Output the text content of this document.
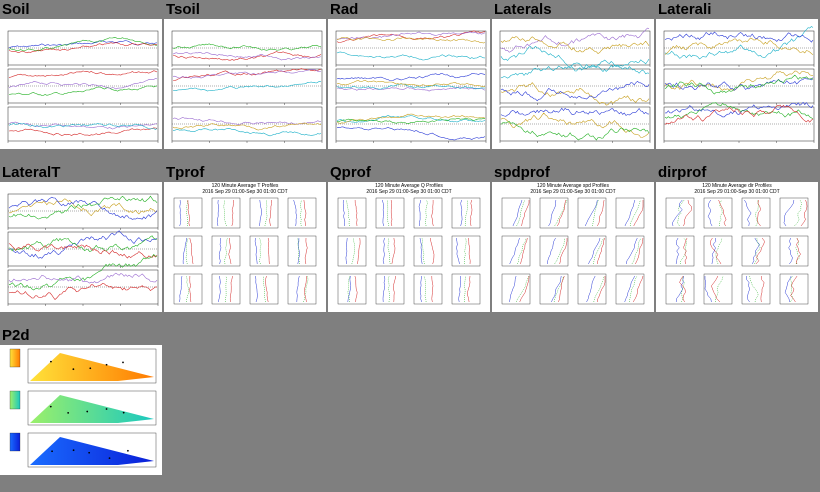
Soil	Tsoil	Rad	Laterals	Laterali
LateralT	Tprof
120 Minute Average T Profiles
2016 Sep 29 01:00-Sep 30 01:00 CDT
Qprof
120 Minute Average Q Profiles
2016 Sep 29 01:00-Sep 30 01:00 CDT
spdprof
120 Minute Average spd Profiles
2016 Sep 29 01:00-Sep 30 01:00 CDT
dirprof
120 Minute Average dir Profiles
2016 Sep 29 01:00-Sep 30 01:00 CDT
P2d
